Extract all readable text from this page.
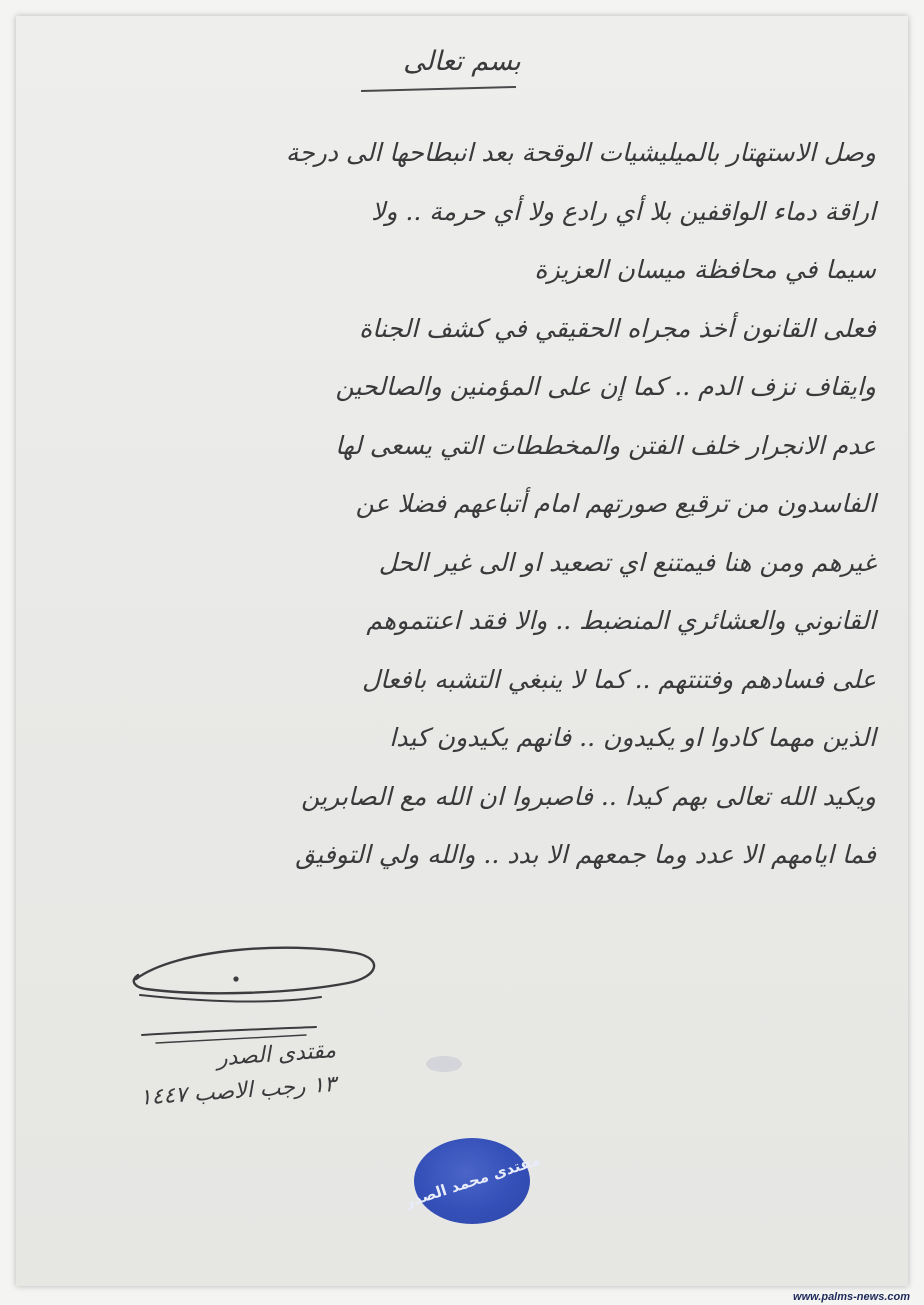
بسم تعالى
وصل الاستهتار بالميليشيات الوقحة بعد انبطاحها الى درجة
اراقة دماء الواقفين بلا أي رادع ولا أي حرمة .. ولا
سيما في محافظة ميسان العزيزة
فعلى القانون أخذ مجراه الحقيقي في كشف الجناة
وايقاف نزف الدم .. كما إن على المؤمنين والصالحين
عدم الانجرار خلف الفتن والمخططات التي يسعى لها
الفاسدون من ترقيع صورتهم امام أتباعهم فضلا عن
غيرهم ومن هنا فيمتنع اي تصعيد او الى غير الحل
القانوني والعشائري المنضبط .. والا فقد اعنتموهم
على فسادهم وفتنتهم .. كما لا ينبغي التشبه بافعال
الذين مهما كادوا او يكيدون .. فانهم يكيدون كيدا
ويكيد الله تعالى بهم كيدا .. فاصبروا ان الله مع الصابرين
فما ايامهم الا عدد وما جمعهم الا بدد .. والله ولي التوفيق
مقتدى الصدر
١٣ رجب الاصب ١٤٤٧
مقتدى محمد الصدر
www.palms-news.com
